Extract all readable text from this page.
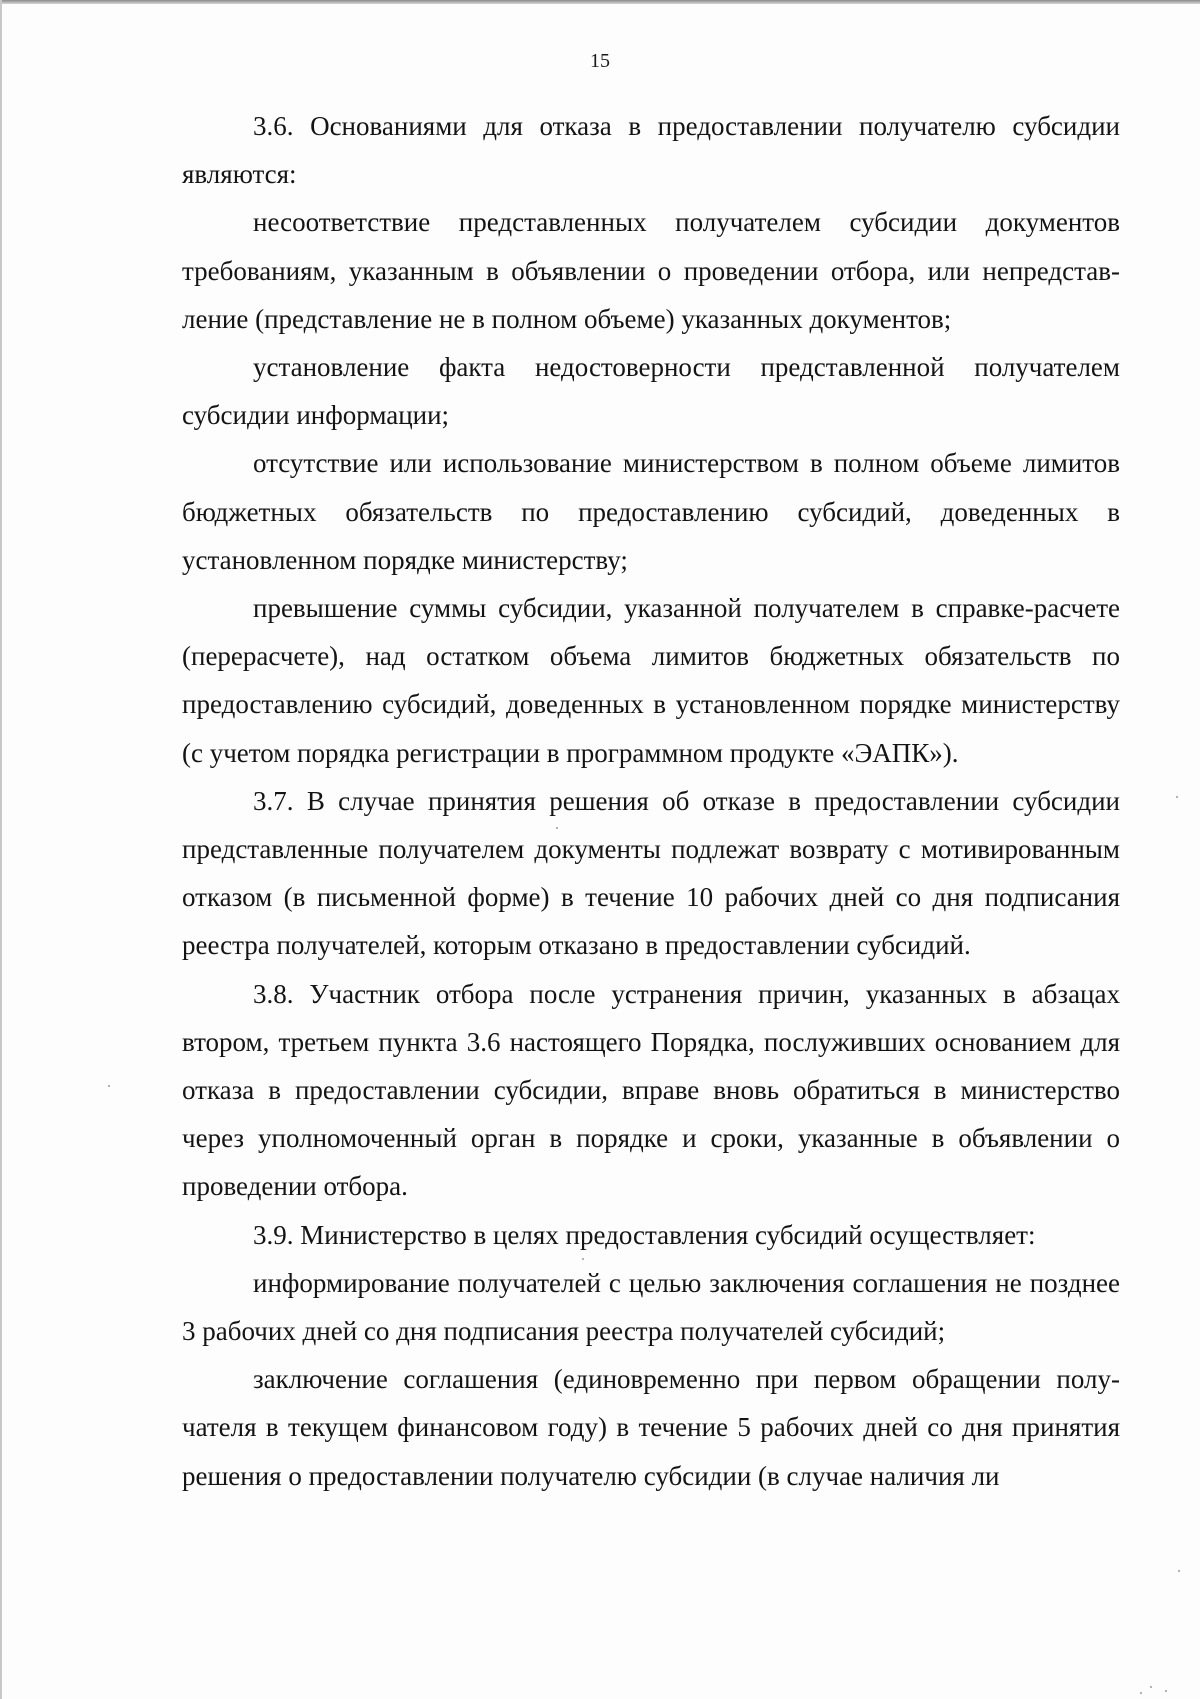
15

3.6. Основаниями для отказа в предоставлении получателю субсидии являются:

несоответствие представленных получателем субсидии документов требованиям, указанным в объявлении о проведении отбора, или непредставление (представление не в полном объеме) указанных документов;

установление факта недостоверности представленной получателем субсидии информации;

отсутствие или использование министерством в полном объеме лимитов бюджетных обязательств по предоставлению субсидий, доведенных в установленном порядке министерству;

превышение суммы субсидии, указанной получателем в справке-расчете (перерасчете), над остатком объема лимитов бюджетных обязательств по предоставлению субсидий, доведенных в установленном порядке министерству (с учетом порядка регистрации в программном продукте «ЭАПК»).

3.7. В случае принятия решения об отказе в предоставлении субсидии представленные получателем документы подлежат возврату с мотивированным отказом (в письменной форме) в течение 10 рабочих дней со дня подписания реестра получателей, которым отказано в предоставлении субсидий.

3.8. Участник отбора после устранения причин, указанных в абзацах втором, третьем пункта 3.6 настоящего Порядка, послуживших основанием для отказа в предоставлении субсидии, вправе вновь обратиться в министерство через уполномоченный орган в порядке и сроки, указанные в объявлении о проведении отбора.

3.9. Министерство в целях предоставления субсидий осуществляет:

информирование получателей с целью заключения соглашения не позднее 3 рабочих дней со дня подписания реестра получателей субсидий;

заключение соглашения (единовременно при первом обращении получателя в текущем финансовом году) в течение 5 рабочих дней со дня принятия решения о предоставлении получателю субсидии (в случае наличия ли
